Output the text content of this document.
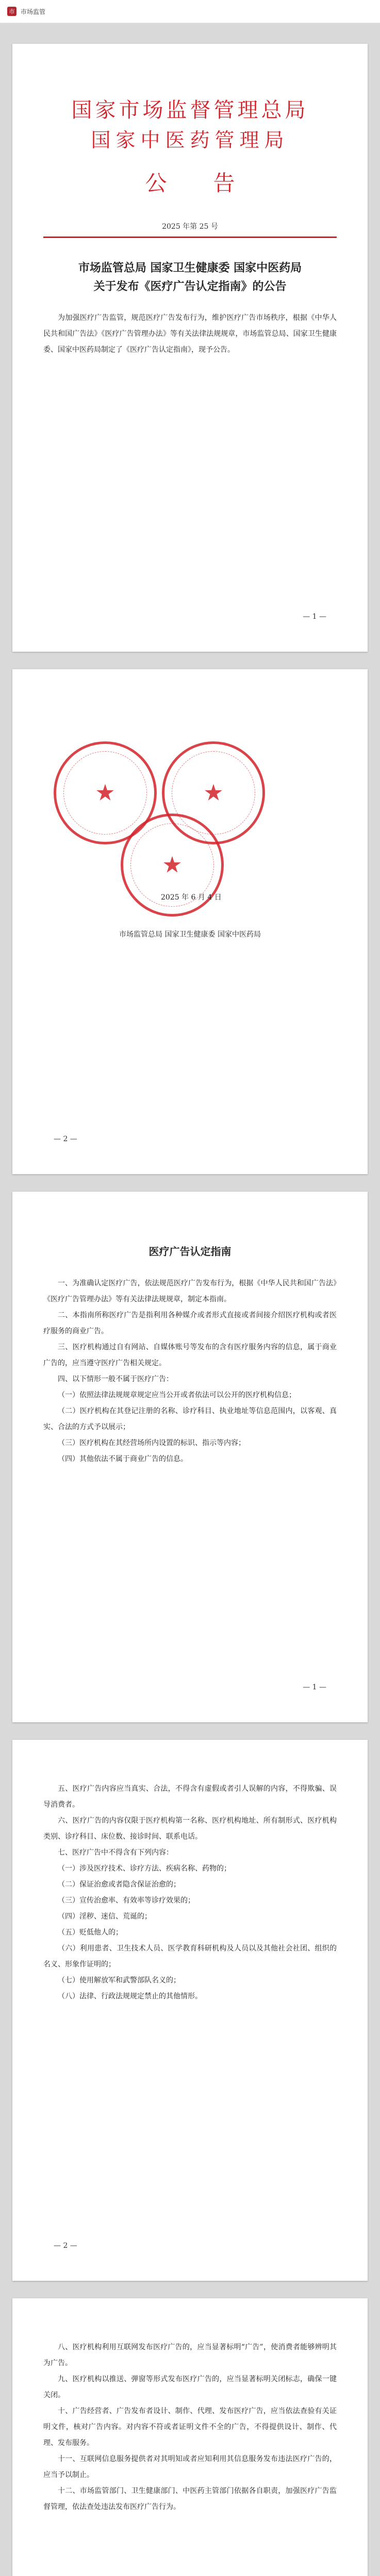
市 市场监管
国家市场监督管理总局
国家中医药管理局
公告
2025 年第 25 号
市场监管总局 国家卫生健康委 国家中医药局
关于发布《医疗广告认定指南》的公告

为加强医疗广告监管，规范医疗广告发布行为，维护医疗广告市场秩序，根据《中华人民共和国广告法》《医疗广告管理办法》等有关法律法规规章，市场监管总局、国家卫生健康委、国家中医药局制定了《医疗广告认定指南》，现予公告。

— 1 —
★	★
★
2025 年 6 月 4 日

市场监管总局 国家卫生健康委 国家中医药局

— 2 —
医疗广告认定指南

一、为准确认定医疗广告，依法规范医疗广告发布行为，根据《中华人民共和国广告法》《医疗广告管理办法》等有关法律法规规章，制定本指南。

二、本指南所称医疗广告是指利用各种媒介或者形式直接或者间接介绍医疗机构或者医疗服务的商业广告。

三、医疗机构通过自有网站、自媒体账号等发布的含有医疗服务内容的信息，属于商业广告的，应当遵守医疗广告相关规定。

四、以下情形一般不属于医疗广告：

（一）依照法律法规规章规定应当公开或者依法可以公开的医疗机构信息；

（二）医疗机构在其登记注册的名称、诊疗科目、执业地址等信息范围内，以客观、真实、合法的方式予以展示；

（三）医疗机构在其经营场所内设置的标识、指示等内容；

（四）其他依法不属于商业广告的信息。

— 1 —

五、医疗广告内容应当真实、合法，不得含有虚假或者引人误解的内容，不得欺骗、误导消费者。

六、医疗广告的内容仅限于医疗机构第一名称、医疗机构地址、所有制形式、医疗机构类别、诊疗科目、床位数、接诊时间、联系电话。

七、医疗广告中不得含有下列内容：

（一）涉及医疗技术、诊疗方法、疾病名称、药物的；

（二）保证治愈或者隐含保证治愈的；

（三）宣传治愈率、有效率等诊疗效果的；

（四）淫秽、迷信、荒诞的；

（五）贬低他人的；

（六）利用患者、卫生技术人员、医学教育科研机构及人员以及其他社会社团、组织的名义、形象作证明的；

（七）使用解放军和武警部队名义的；

（八）法律、行政法规规定禁止的其他情形。

— 2 —

八、医疗机构利用互联网发布医疗广告的，应当显著标明“广告”，使消费者能够辨明其为广告。

九、医疗机构以推送、弹窗等形式发布医疗广告的，应当显著标明关闭标志，确保一键关闭。

十、广告经营者、广告发布者设计、制作、代理、发布医疗广告，应当依法查验有关证明文件，核对广告内容。对内容不符或者证明文件不全的广告，不得提供设计、制作、代理、发布服务。

十一、互联网信息服务提供者对其明知或者应知利用其信息服务发布违法医疗广告的，应当予以制止。

十二、市场监管部门、卫生健康部门、中医药主管部门依据各自职责，加强医疗广告监督管理，依法查处违法发布医疗广告行为。
